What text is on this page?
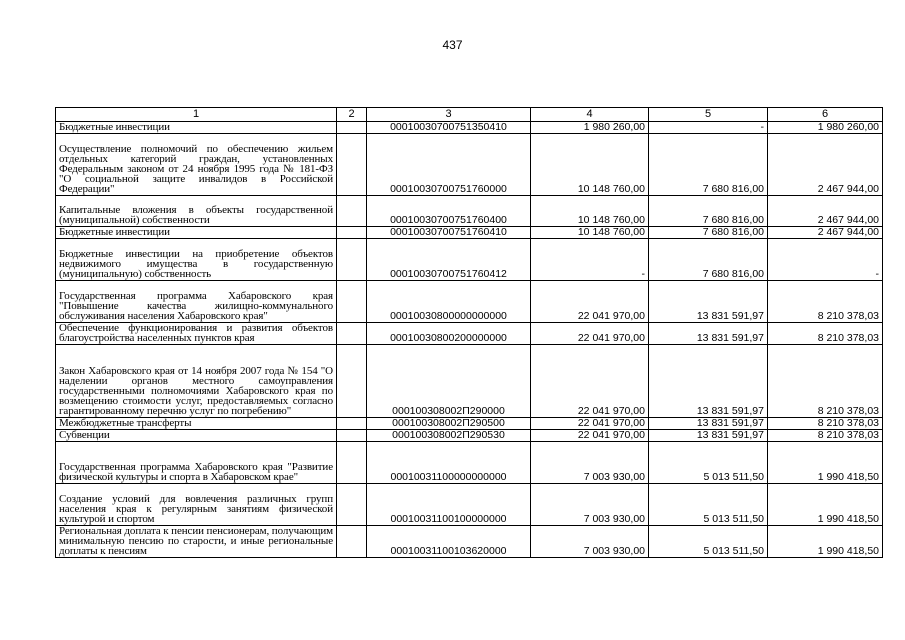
437
1	2	3	4	5	6
Бюджетные инвестиции		00010030700751350410	1 980 260,00	-	1 980 260,00
Осуществление полномочий по обеспечению жильем отдельных категорий граждан, установленных Федеральным законом от 24 ноября 1995 года № 181-ФЗ "О социальной защите инвалидов в Российской Федерации"		00010030700751760000	10 148 760,00	7 680 816,00	2 467 944,00
Капитальные вложения в объекты государственной (муниципальной) собственности		00010030700751760400	10 148 760,00	7 680 816,00	2 467 944,00
Бюджетные инвестиции		00010030700751760410	10 148 760,00	7 680 816,00	2 467 944,00
Бюджетные инвестиции на приобретение объектов недвижимого имущества в государственную (муниципальную) собственность		00010030700751760412	-	7 680 816,00	-
Государственная программа Хабаровского края "Повышение качества жилищно-коммунального обслуживания населения Хабаровского края"		00010030800000000000	22 041 970,00	13 831 591,97	8 210 378,03
Обеспечение функционирования и развития объектов благоустройства населенных пунктов края		00010030800200000000	22 041 970,00	13 831 591,97	8 210 378,03
Закон Хабаровского края от 14 ноября 2007 года № 154 "О наделении органов местного самоуправления государственными полномочиями Хабаровского края по возмещению стоимости услуг, предоставляемых согласно гарантированному перечню услуг по погребению"		000100308002П290000	22 041 970,00	13 831 591,97	8 210 378,03
Межбюджетные трансферты		000100308002П290500	22 041 970,00	13 831 591,97	8 210 378,03
Субвенции		000100308002П290530	22 041 970,00	13 831 591,97	8 210 378,03
Государственная программа Хабаровского края "Развитие физической культуры и спорта в Хабаровском крае"		00010031100000000000	7 003 930,00	5 013 511,50	1 990 418,50
Создание условий для вовлечения различных групп населения края к регулярным занятиям физической культурой и спортом		00010031100100000000	7 003 930,00	5 013 511,50	1 990 418,50
Региональная доплата к пенсии пенсионерам, получающим минимальную пенсию по старости, и иные региональные доплаты к пенсиям		00010031100103620000	7 003 930,00	5 013 511,50	1 990 418,50
